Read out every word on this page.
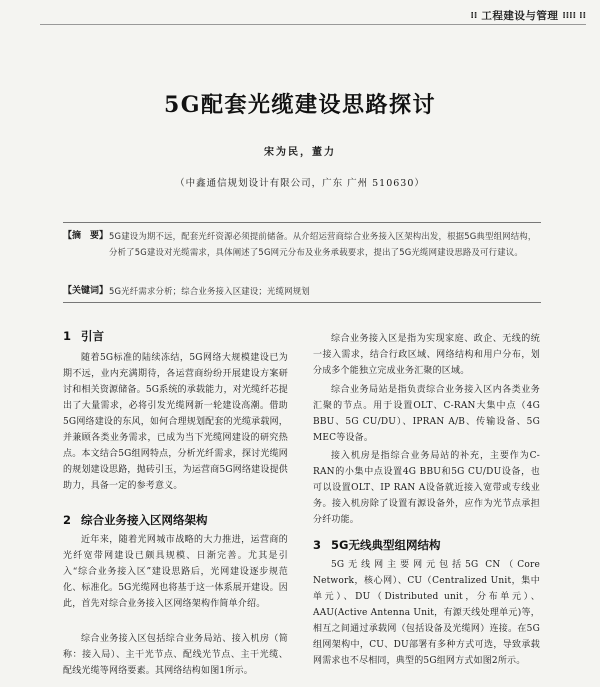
⁞⁞ 工程建设与管理 ⁞⁞⁞⁞ ⁞⁞
5G配套光缆建设思路探讨
宋为民，董力
（中鑫通信规划设计有限公司，广东 广州 510630）
【摘　要】 5G建设为期不远，配套光纤资源必须提前储备。从介绍运营商综合业务接入区架构出发，根据5G典型组网结构，分析了5G建设对光缆需求，具体阐述了5G网元分布及业务承载要求，提出了5G光缆网建设思路及可行建议。
【关键词】 5G光纤需求分析；综合业务接入区建设；光缆网规划
1 引言
随着5G标准的陆续冻结，5G网络大规模建设已为期不远，业内充满期待，各运营商纷纷开展建设方案研讨和相关资源储备。5G系统的承载能力，对光缆纤芯提出了大量需求，必将引发光缆网新一轮建设高潮。借助5G网络建设的东风，如何合理规划配套的光缆承载网，并兼顾各类业务需求，已成为当下光缆网建设的研究热点。本文结合5G组网特点，分析光纤需求，探讨光缆网的规划建设思路，抛砖引玉，为运营商5G网络建设提供助力，具备一定的参考意义。
2 综合业务接入区网络架构
近年来，随着光网城市战略的大力推进，运营商的光纤宽带网建设已颇具规模、日渐完善。尤其是引入“综合业务接入区”建设思路后，光网建设逐步规范化、标准化。5G光缆网也将基于这一体系展开建设。因此，首先对综合业务接入区网络架构作简单介绍。
综合业务接入区包括综合业务局站、接入机房（简称：接入局）、主干光节点、配线光节点、主干光缆、配线光缆等网络要素。其网络结构如图1所示。
综合业务接入区是指为实现家庭、政企、无线的统一接入需求，结合行政区域、网络结构和用户分布，划分成多个能独立完成业务汇聚的区域。
综合业务局站是指负责综合业务接入区内各类业务汇聚的节点。用于设置OLT、C-RAN大集中点（4G BBU、5G CU/DU）、IPRAN A/B、传输设备、5G MEC等设备。
接入机房是指综合业务局站的补充，主要作为C-RAN的小集中点设置4G BBU和5G CU/DU设备，也可以设置OLT、IP RAN A设备就近接入宽带或专线业务。接入机房除了设置有源设备外，应作为光节点承担分纤功能。
3 5G无线典型组网结构
5G无线网主要网元包括5G CN（Core Network，核心网）、CU（Centralized Unit，集中单元）、DU（Distributed unit，分布单元）、AAU(Active Antenna Unit，有源天线处理单元)等，相互之间通过承载网（包括设备及光缆网）连接。在5G组网架构中，CU、DU部署有多种方式可选，导致承载网需求也不尽相同，典型的5G组网方式如图2所示。
